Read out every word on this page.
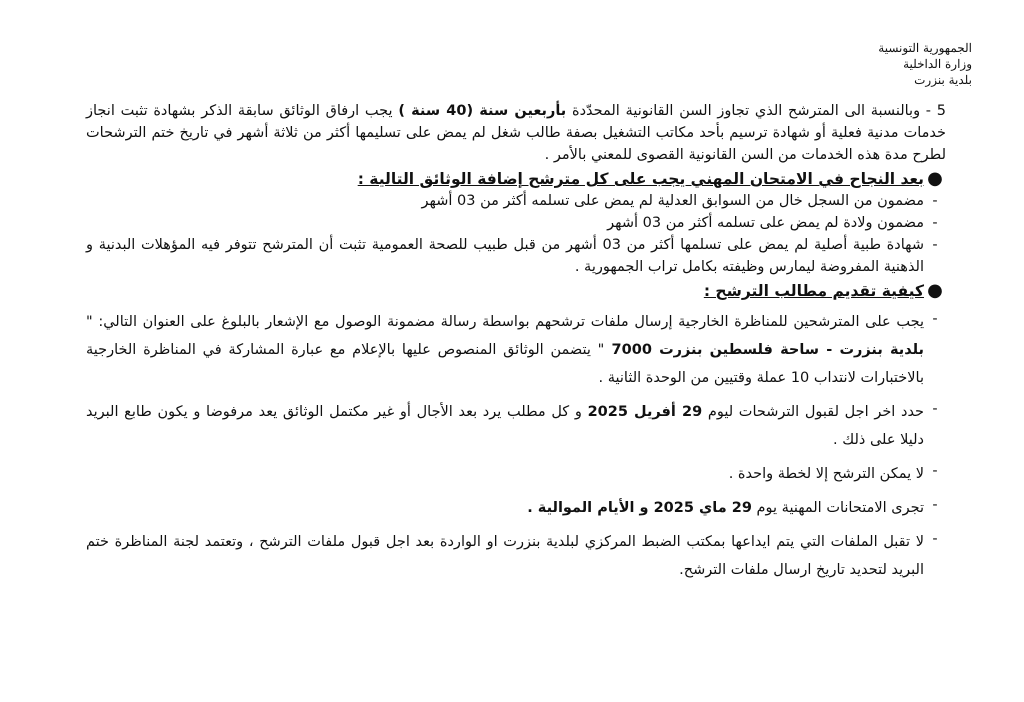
الجمهورية التونسية
وزارة الداخلية
بلدية بنزرت

5 - وبالنسبة الى المترشح الذي تجاوز السن القانونية المحدّدة بأربعين سنة (40 سنة ) يجب ارفاق الوثائق سابقة الذكر بشهادة تثبت انجاز خدمات مدنية فعلية أو شهادة ترسيم بأحد مكاتب التشغيل بصفة طالب شغل لم يمض على تسليمها أكثر من ثلاثة أشهر في تاريخ ختم الترشحات لطرح مدة هذه الخدمات من السن القانونية القصوى للمعني بالأمر .

●
بعد النجاح في الامتحان المهني يجب على كل مترشح إضافة الوثائق التالية :
-
مضمون من السجل خال من السوابق العدلية لم يمض على تسلمه أكثر من 03 أشهر
-
مضمون ولادة لم يمض على تسلمه أكثر من 03 أشهر
-
شهادة طبية أصلية لم يمض على تسلمها أكثر من 03 أشهر من قبل طبيب للصحة العمومية تثبت أن المترشح تتوفر فيه المؤهلات البدنية و الذهنية المفروضة ليمارس وظيفته بكامل تراب الجمهورية .
●
كيفية تقديم مطالب الترشح :
-
يجب على المترشحين للمناظرة الخارجية إرسال ملفات ترشحهم بواسطة رسالة مضمونة الوصول مع الإشعار بالبلوغ على العنوان التالي: " بلدية بنزرت - ساحة فلسطين بنزرت 7000 " يتضمن الوثائق المنصوص عليها بالإعلام مع عبارة المشاركة في المناظرة الخارجية بالاختبارات لانتداب 10 عملة وقتيين من الوحدة الثانية .
-
حدد اخر اجل لقبول الترشحات ليوم 29 أفريل 2025 و كل مطلب يرد بعد الأجال أو غير مكتمل الوثائق يعد مرفوضا و يكون طابع البريد دليلا على ذلك .
-
لا يمكن الترشح إلا لخطة واحدة .
-
تجرى الامتحانات المهنية يوم 29 ماي 2025 و الأيام الموالية .
-
لا تقبل الملفات التي يتم ايداعها بمكتب الضبط المركزي لبلدية بنزرت او الواردة بعد اجل قبول ملفات الترشح ، وتعتمد لجنة المناظرة ختم البريد لتحديد تاريخ ارسال ملفات الترشح.
